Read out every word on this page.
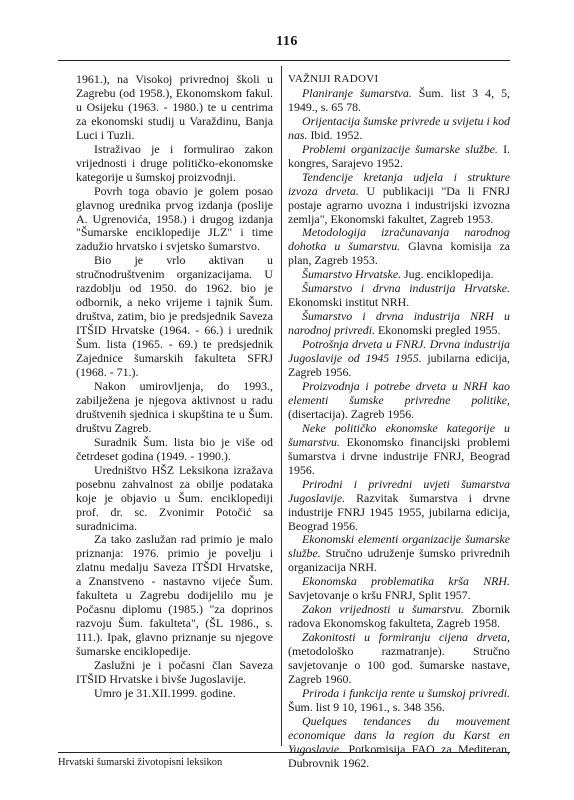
116

1961.), na Visokoj privrednoj školi u Zagrebu (od 1958.), Ekonomskom fakul. u Osijeku (1963. - 1980.) te u centrima za ekonomski studij u Varaždinu, Banja Luci i Tuzli.

Istraživao je i formulirao zakon vrijednosti i druge političko-ekonomske kategorije u šumskoj proizvodnji.

Povrh toga obavio je golem posao glavnog urednika prvog izdanja (poslije A. Ugrenovića, 1958.) i drugog izdanja "Šumarske enciklopedije JLZ" i time zadužio hrvatsko i svjetsko šumarstvo.

Bio je vrlo aktivan u stručnodruštvenim organizacijama. U razdoblju od 1950. do 1962. bio je odbornik, a neko vrijeme i tajnik Šum. društva, zatim, bio je predsjednik Saveza ITŠID Hrvatske (1964. - 66.) i urednik Šum. lista (1965. - 69.) te predsjednik Zajednice šumarskih fakulteta SFRJ (1968. - 71.).

Nakon umirovljenja, do 1993., zabilježena je njegova aktivnost u radu društvenih sjednica i skupština te u Šum. društvu Zagreb.

Suradnik Šum. lista bio je više od četrdeset godina (1949. - 1990.).

Uredništvo HŠZ Leksikona izražava posebnu zahvalnost za obilje podataka koje je objavio u Šum. enciklopediji prof. dr. sc. Zvonimir Potočić sa suradnicima.

Za tako zaslužan rad primio je malo priznanja: 1976. primio je povelju i zlatnu medalju Saveza ITŠDI Hrvatske, a Znanstveno - nastavno vijeće Šum. fakulteta u Zagrebu dodijelilo mu je Počasnu diplomu (1985.) "za doprinos razvoju Šum. fakulteta", (ŠL 1986., s. 111.). Ipak, glavno priznanje su njegove šumarske enciklopedije.

Zaslužni je i počasni član Saveza ITŠID Hrvatske i bivše Jugoslavije.

Umro je 31.XII.1999. godine.

VAŽNIJI RADOVI

Planiranje šumarstva. Šum. list 3 4, 5, 1949., s. 65 78.

Orijentacija šumske privrede u svijetu i kod nas. Ibid. 1952.

Problemi organizacije šumarske službe. I. kongres, Sarajevo 1952.

Tendencije kretanja udjela i strukture izvoza drveta. U publikaciji "Da li FNRJ postaje agrarno uvozna i industrijski izvozna zemlja", Ekonomski fakultet, Zagreb 1953.

Metodologija izračunavanja narodnog dohotka u šumarstvu. Glavna komisija za plan, Zagreb 1953.

Šumarstvo Hrvatske. Jug. enciklopedija.

Šumarstvo i drvna industrija Hrvatske. Ekonomski institut NRH.

Šumarstvo i drvna industrija NRH u narodnoj privredi. Ekonomski pregled 1955.

Potrošnja drveta u FNRJ. Drvna industrija Jugoslavije od 1945 1955. jubilarna edicija, Zagreb 1956.

Proizvodnja i potrebe drveta u NRH kao elementi šumske privredne politike, (disertacija). Zagreb 1956.

Neke političko ekonomske kategorije u šumarstvu. Ekonomsko financijski problemi šumarstva i drvne industrije FNRJ, Beograd 1956.

Prirodni i privredni uvjeti šumarstva Jugoslavije. Razvitak šumarstva i drvne industrije FNRJ 1945 1955, jubilarna edicija, Beograd 1956.

Ekonomski elementi organizacije šumarske službe. Stručno udruženje šumsko privrednih organizacija NRH.

Ekonomska problematika krša NRH. Savjetovanje o kršu FNRJ, Split 1957.

Zakon vrijednosti u šumarstvu. Zbornik radova Ekonomskog fakulteta, Zagreb 1958.

Zakonitosti u formiranju cijena drveta, (metodološko razmatranje). Stručno savjetovanje o 100 god. šumarske nastave, Zagreb 1960.

Priroda i funkcija rente u šumskoj privredi. Šum. list 9 10, 1961., s. 348 356.

Quelques tendances du mouvement economique dans la region du Karst en Yugoslavie. Potkomisija FAO za Mediteran, Dubrovnik 1962.

Hrvatski šumarski životopisni leksikon
